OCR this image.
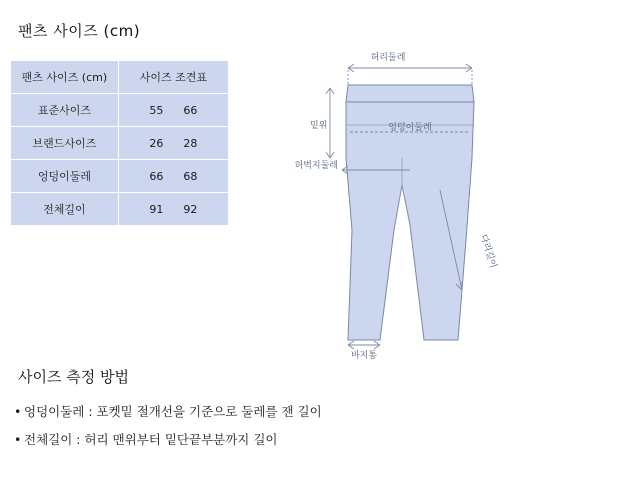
팬츠 사이즈 (cm)
팬츠 사이즈 (cm)	사이즈 조견표
표준사이즈	55 66

브랜드사이즈	26 28

엉덩이둘레	66 68

전체길이	91 92
사이즈 측정 방법
• 엉덩이둘레 : 포켓밑 절개선을 기준으로 둘레를 잰 길이
• 전체길이 : 허리 맨위부터 밑단끝부분까지 길이
허리둘레
밑위	엉덩이둘레
허벅지둘레
다리길이
바지통
